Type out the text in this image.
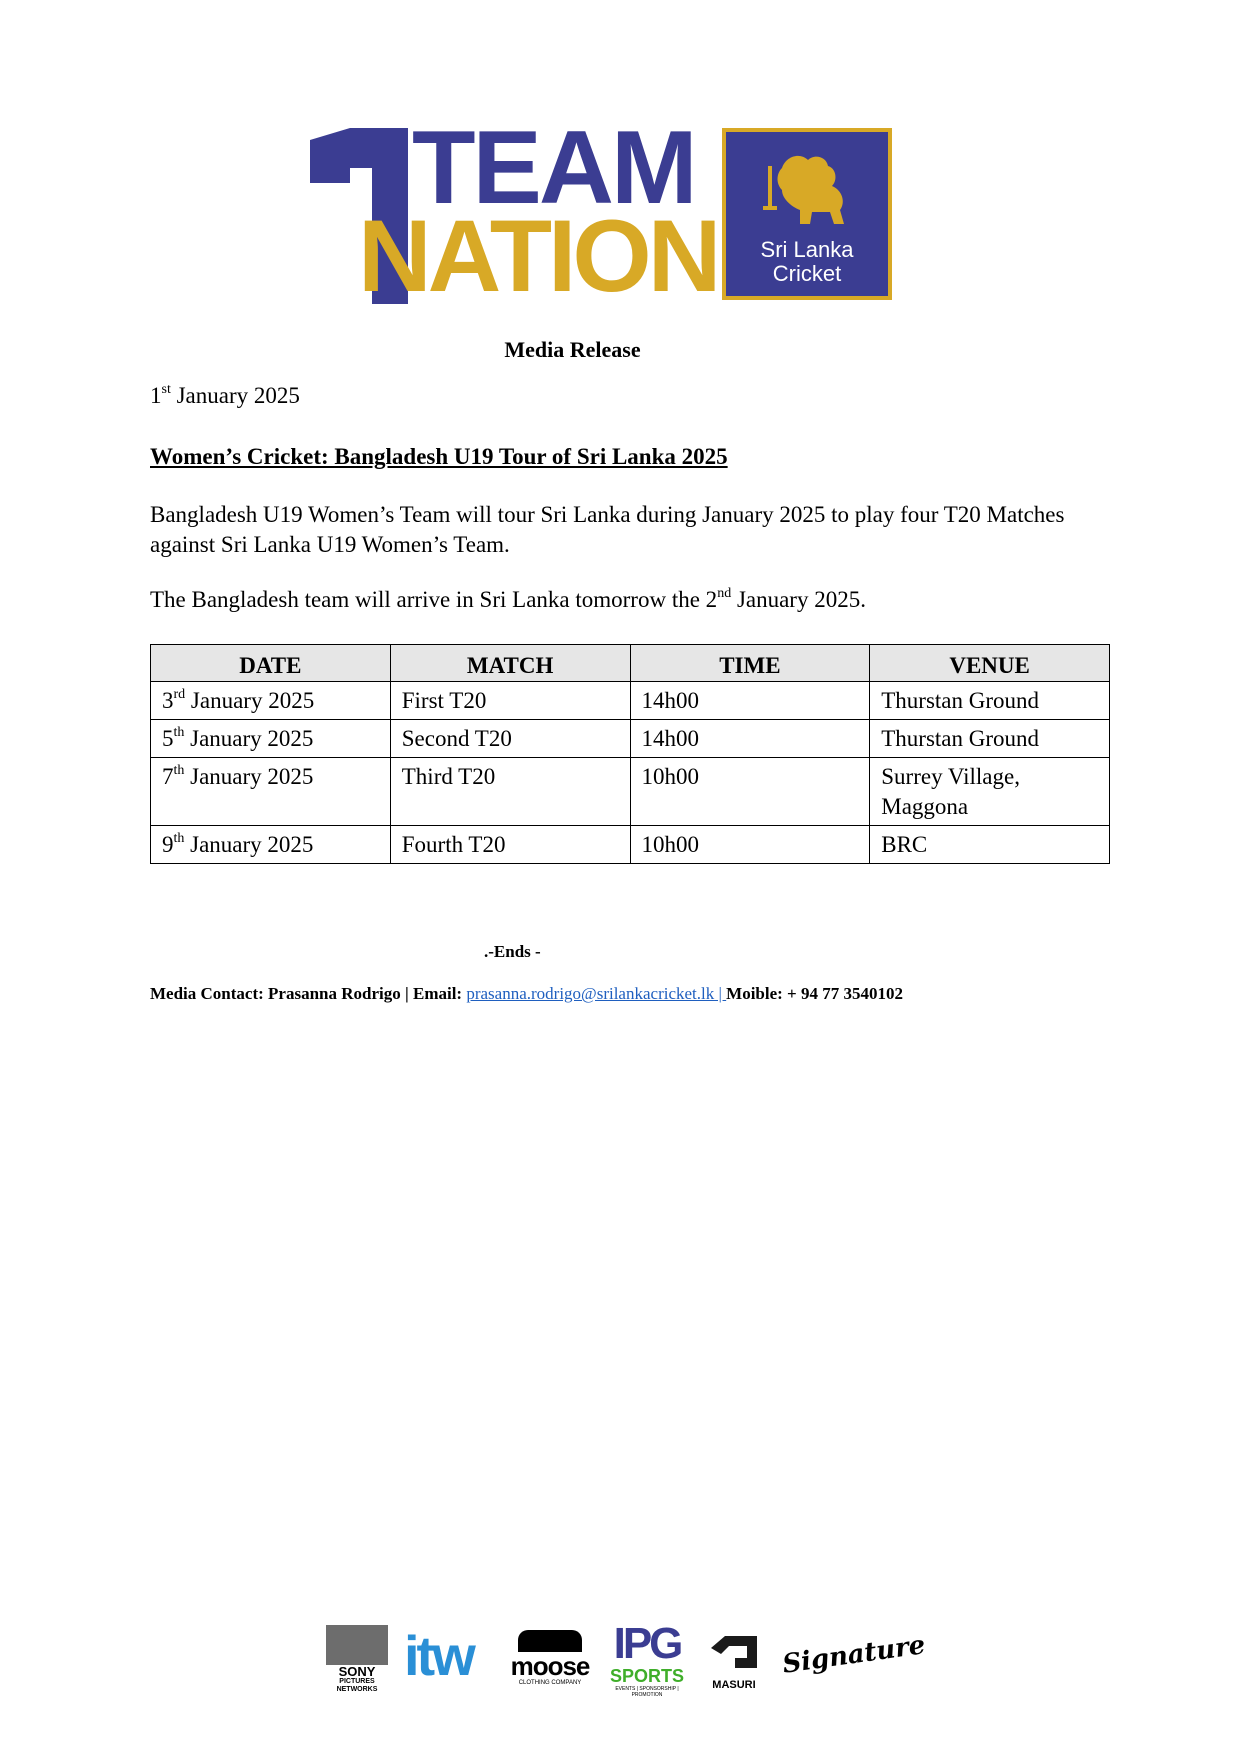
TEAM
NATION	Sri Lanka
Cricket
Media Release
1st January 2025
Women’s Cricket: Bangladesh U19 Tour of Sri Lanka 2025
Bangladesh U19 Women’s Team will tour Sri Lanka during January 2025 to play four T20 Matches against Sri Lanka U19 Women’s Team.
The Bangladesh team will arrive in Sri Lanka tomorrow the 2nd January 2025.
DATE	MATCH	TIME	VENUE
3rd January 2025	First T20	14h00	Thurstan Ground
5th January 2025	Second T20	14h00	Thurstan Ground
7th January 2025	Third T20	10h00	Surrey Village, Maggona
9th January 2025	Fourth T20	10h00	BRC
.-Ends -
Media Contact: Prasanna Rodrigo | Email: prasanna.rodrigo@srilankacricket.lk | Moible: + 94 77 3540102
SONY
PICTURES
NETWORKS
itw moose
CLOTHING COMPANY
IPG
SPORTS
EVENTS | SPONSORSHIP | PROMOTION
MASURI
Signature
